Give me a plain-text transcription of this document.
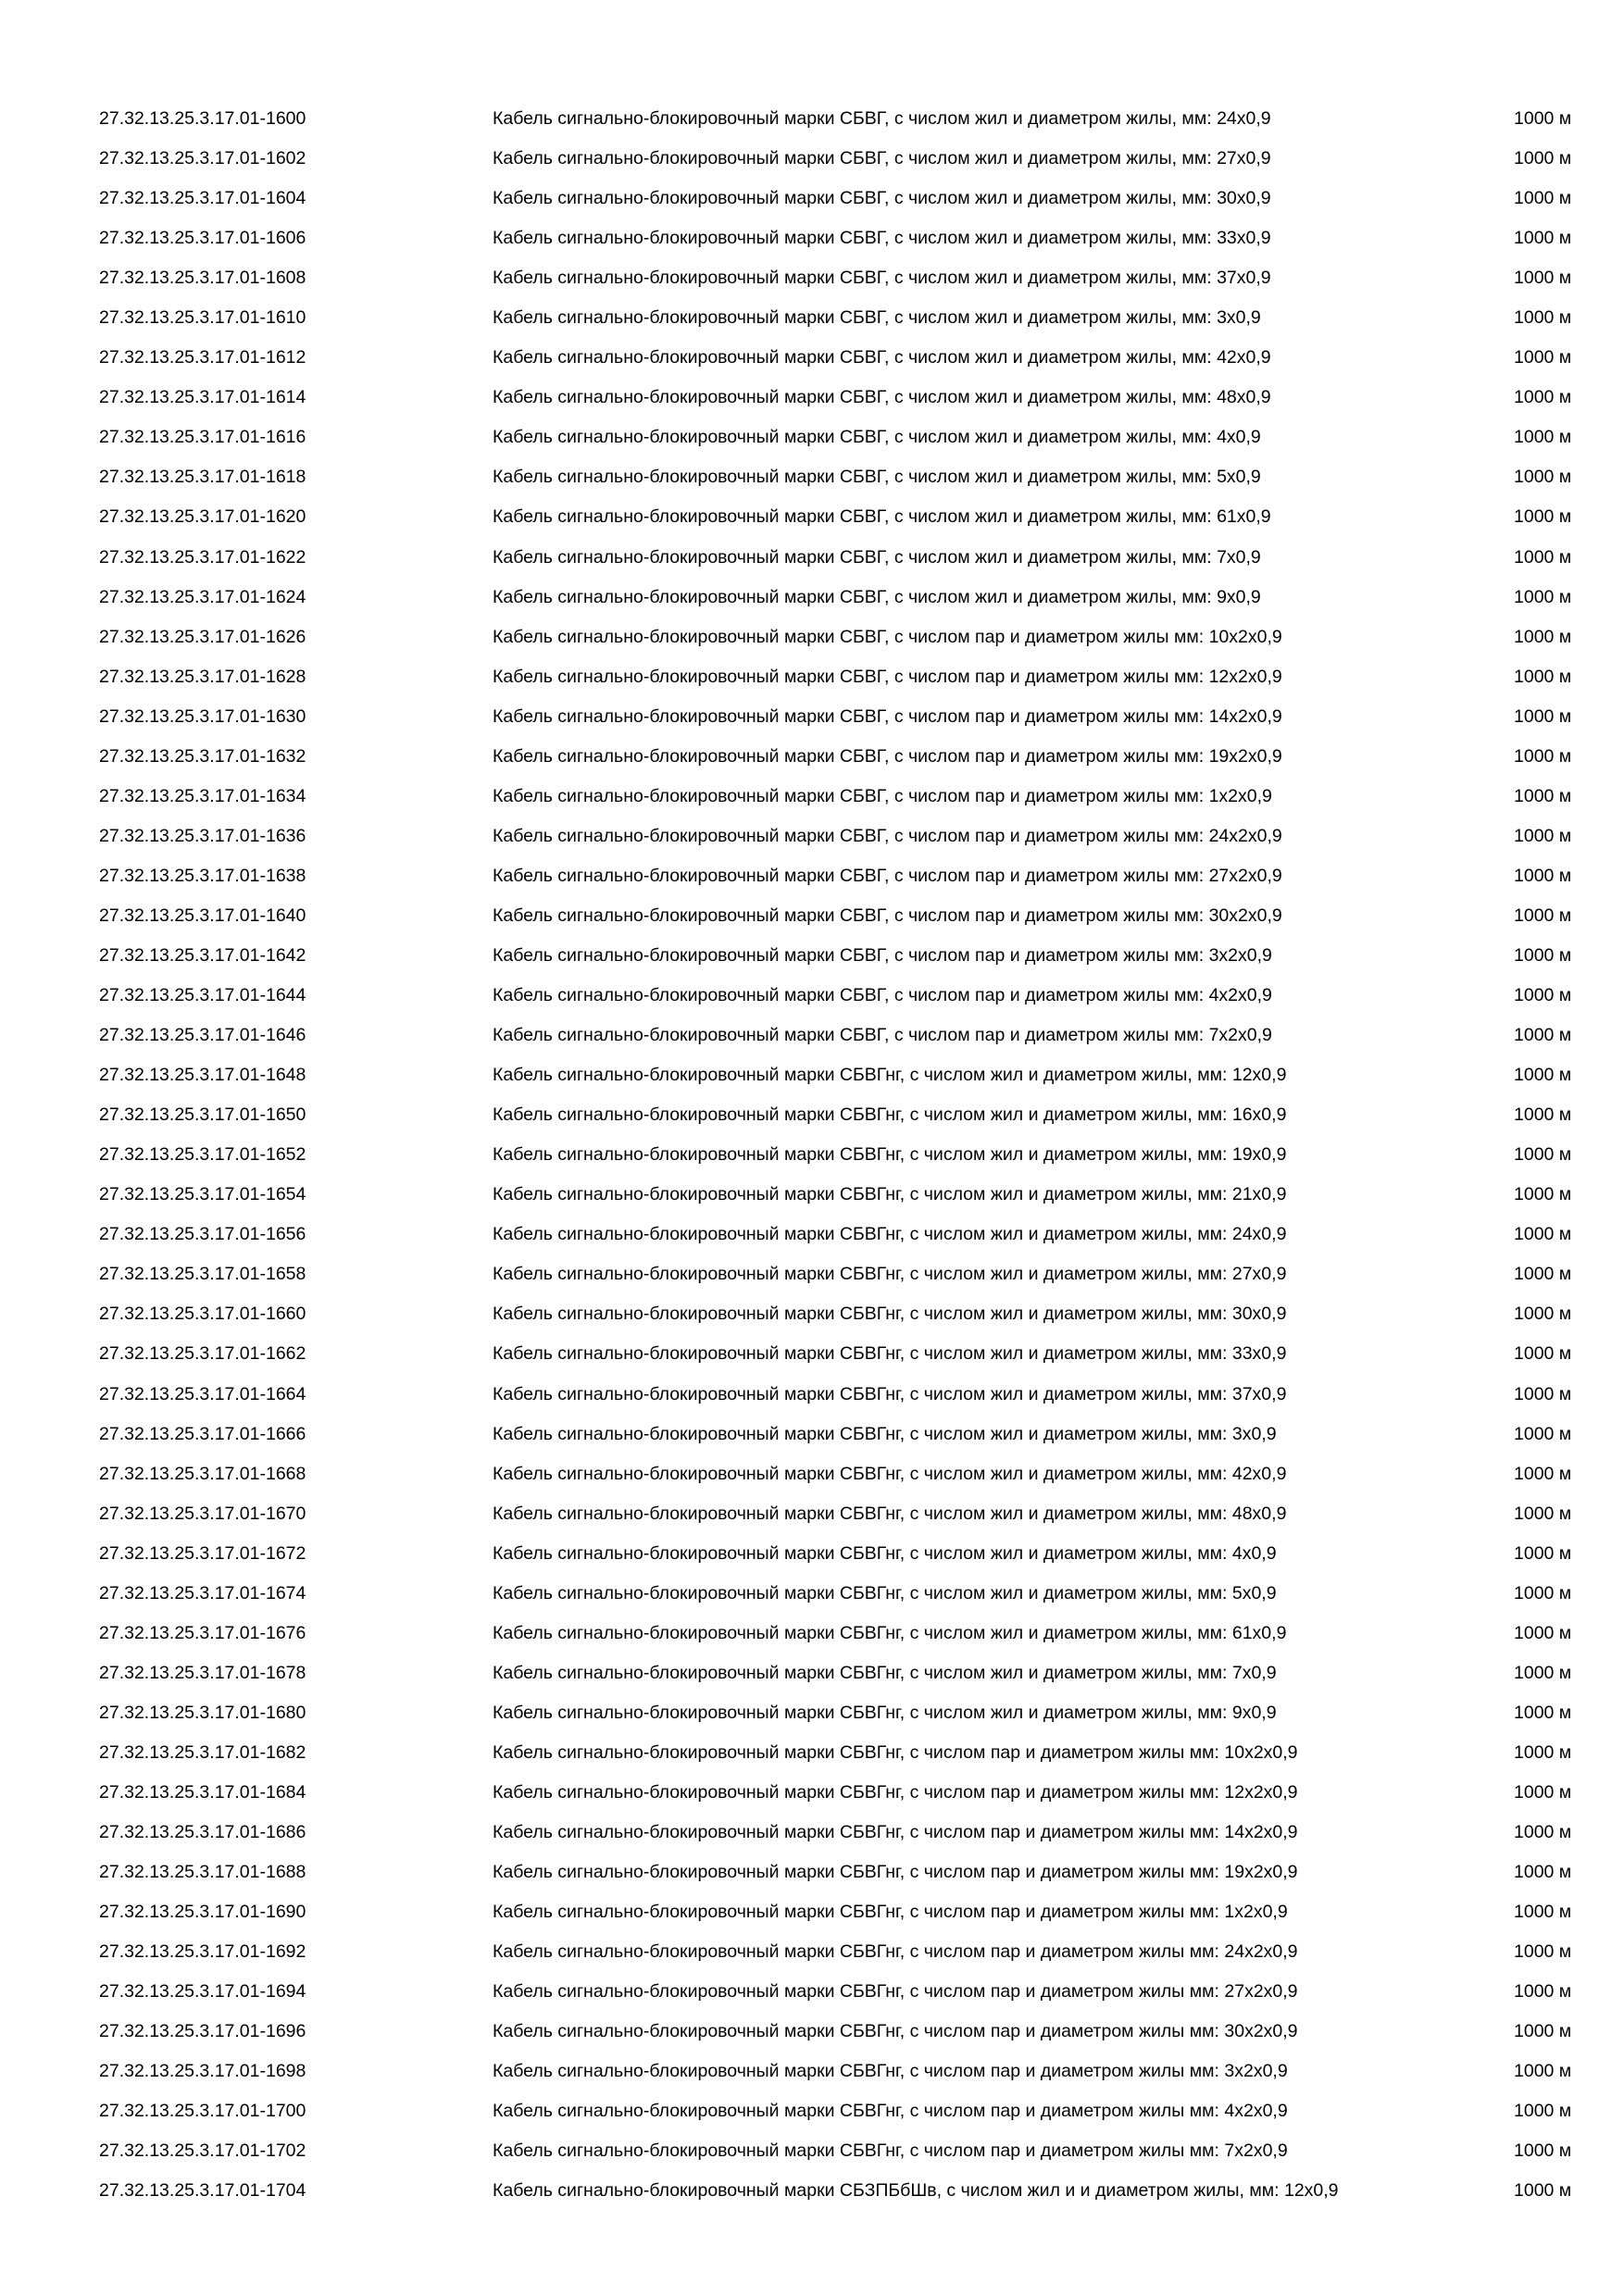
27.32.13.25.3.17.01-1600	Кабель сигнально-блокировочный марки СБВГ, с числом жил и диаметром жилы, мм: 24х0,9	1000 м
27.32.13.25.3.17.01-1602	Кабель сигнально-блокировочный марки СБВГ, с числом жил и диаметром жилы, мм: 27х0,9	1000 м
27.32.13.25.3.17.01-1604	Кабель сигнально-блокировочный марки СБВГ, с числом жил и диаметром жилы, мм: 30х0,9	1000 м
27.32.13.25.3.17.01-1606	Кабель сигнально-блокировочный марки СБВГ, с числом жил и диаметром жилы, мм: 33х0,9	1000 м
27.32.13.25.3.17.01-1608	Кабель сигнально-блокировочный марки СБВГ, с числом жил и диаметром жилы, мм: 37х0,9	1000 м
27.32.13.25.3.17.01-1610	Кабель сигнально-блокировочный марки СБВГ, с числом жил и диаметром жилы, мм: 3х0,9	1000 м
27.32.13.25.3.17.01-1612	Кабель сигнально-блокировочный марки СБВГ, с числом жил и диаметром жилы, мм: 42х0,9	1000 м
27.32.13.25.3.17.01-1614	Кабель сигнально-блокировочный марки СБВГ, с числом жил и диаметром жилы, мм: 48х0,9	1000 м
27.32.13.25.3.17.01-1616	Кабель сигнально-блокировочный марки СБВГ, с числом жил и диаметром жилы, мм: 4х0,9	1000 м
27.32.13.25.3.17.01-1618	Кабель сигнально-блокировочный марки СБВГ, с числом жил и диаметром жилы, мм: 5х0,9	1000 м
27.32.13.25.3.17.01-1620	Кабель сигнально-блокировочный марки СБВГ, с числом жил и диаметром жилы, мм: 61х0,9	1000 м
27.32.13.25.3.17.01-1622	Кабель сигнально-блокировочный марки СБВГ, с числом жил и диаметром жилы, мм: 7х0,9	1000 м
27.32.13.25.3.17.01-1624	Кабель сигнально-блокировочный марки СБВГ, с числом жил и диаметром жилы, мм: 9х0,9	1000 м
27.32.13.25.3.17.01-1626	Кабель сигнально-блокировочный марки СБВГ, с числом пар и диаметром жилы мм: 10х2х0,9	1000 м
27.32.13.25.3.17.01-1628	Кабель сигнально-блокировочный марки СБВГ, с числом пар и диаметром жилы мм: 12х2х0,9	1000 м
27.32.13.25.3.17.01-1630	Кабель сигнально-блокировочный марки СБВГ, с числом пар и диаметром жилы мм: 14х2х0,9	1000 м
27.32.13.25.3.17.01-1632	Кабель сигнально-блокировочный марки СБВГ, с числом пар и диаметром жилы мм: 19х2х0,9	1000 м
27.32.13.25.3.17.01-1634	Кабель сигнально-блокировочный марки СБВГ, с числом пар и диаметром жилы мм: 1х2х0,9	1000 м
27.32.13.25.3.17.01-1636	Кабель сигнально-блокировочный марки СБВГ, с числом пар и диаметром жилы мм: 24х2х0,9	1000 м
27.32.13.25.3.17.01-1638	Кабель сигнально-блокировочный марки СБВГ, с числом пар и диаметром жилы мм: 27х2х0,9	1000 м
27.32.13.25.3.17.01-1640	Кабель сигнально-блокировочный марки СБВГ, с числом пар и диаметром жилы мм: 30х2х0,9	1000 м
27.32.13.25.3.17.01-1642	Кабель сигнально-блокировочный марки СБВГ, с числом пар и диаметром жилы мм: 3х2х0,9	1000 м
27.32.13.25.3.17.01-1644	Кабель сигнально-блокировочный марки СБВГ, с числом пар и диаметром жилы мм: 4х2х0,9	1000 м
27.32.13.25.3.17.01-1646	Кабель сигнально-блокировочный марки СБВГ, с числом пар и диаметром жилы мм: 7х2х0,9	1000 м
27.32.13.25.3.17.01-1648	Кабель сигнально-блокировочный марки СБВГнг, с числом жил и диаметром жилы, мм: 12х0,9	1000 м
27.32.13.25.3.17.01-1650	Кабель сигнально-блокировочный марки СБВГнг, с числом жил и диаметром жилы, мм: 16х0,9	1000 м
27.32.13.25.3.17.01-1652	Кабель сигнально-блокировочный марки СБВГнг, с числом жил и диаметром жилы, мм: 19х0,9	1000 м
27.32.13.25.3.17.01-1654	Кабель сигнально-блокировочный марки СБВГнг, с числом жил и диаметром жилы, мм: 21х0,9	1000 м
27.32.13.25.3.17.01-1656	Кабель сигнально-блокировочный марки СБВГнг, с числом жил и диаметром жилы, мм: 24х0,9	1000 м
27.32.13.25.3.17.01-1658	Кабель сигнально-блокировочный марки СБВГнг, с числом жил и диаметром жилы, мм: 27х0,9	1000 м
27.32.13.25.3.17.01-1660	Кабель сигнально-блокировочный марки СБВГнг, с числом жил и диаметром жилы, мм: 30х0,9	1000 м
27.32.13.25.3.17.01-1662	Кабель сигнально-блокировочный марки СБВГнг, с числом жил и диаметром жилы, мм: 33х0,9	1000 м
27.32.13.25.3.17.01-1664	Кабель сигнально-блокировочный марки СБВГнг, с числом жил и диаметром жилы, мм: 37х0,9	1000 м
27.32.13.25.3.17.01-1666	Кабель сигнально-блокировочный марки СБВГнг, с числом жил и диаметром жилы, мм: 3х0,9	1000 м
27.32.13.25.3.17.01-1668	Кабель сигнально-блокировочный марки СБВГнг, с числом жил и диаметром жилы, мм: 42х0,9	1000 м
27.32.13.25.3.17.01-1670	Кабель сигнально-блокировочный марки СБВГнг, с числом жил и диаметром жилы, мм: 48х0,9	1000 м
27.32.13.25.3.17.01-1672	Кабель сигнально-блокировочный марки СБВГнг, с числом жил и диаметром жилы, мм: 4х0,9	1000 м
27.32.13.25.3.17.01-1674	Кабель сигнально-блокировочный марки СБВГнг, с числом жил и диаметром жилы, мм: 5х0,9	1000 м
27.32.13.25.3.17.01-1676	Кабель сигнально-блокировочный марки СБВГнг, с числом жил и диаметром жилы, мм: 61х0,9	1000 м
27.32.13.25.3.17.01-1678	Кабель сигнально-блокировочный марки СБВГнг, с числом жил и диаметром жилы, мм: 7х0,9	1000 м
27.32.13.25.3.17.01-1680	Кабель сигнально-блокировочный марки СБВГнг, с числом жил и диаметром жилы, мм: 9х0,9	1000 м
27.32.13.25.3.17.01-1682	Кабель сигнально-блокировочный марки СБВГнг, с числом пар и диаметром жилы мм: 10х2х0,9	1000 м
27.32.13.25.3.17.01-1684	Кабель сигнально-блокировочный марки СБВГнг, с числом пар и диаметром жилы мм: 12х2х0,9	1000 м
27.32.13.25.3.17.01-1686	Кабель сигнально-блокировочный марки СБВГнг, с числом пар и диаметром жилы мм: 14х2х0,9	1000 м
27.32.13.25.3.17.01-1688	Кабель сигнально-блокировочный марки СБВГнг, с числом пар и диаметром жилы мм: 19х2х0,9	1000 м
27.32.13.25.3.17.01-1690	Кабель сигнально-блокировочный марки СБВГнг, с числом пар и диаметром жилы мм: 1х2х0,9	1000 м
27.32.13.25.3.17.01-1692	Кабель сигнально-блокировочный марки СБВГнг, с числом пар и диаметром жилы мм: 24х2х0,9	1000 м
27.32.13.25.3.17.01-1694	Кабель сигнально-блокировочный марки СБВГнг, с числом пар и диаметром жилы мм: 27х2х0,9	1000 м
27.32.13.25.3.17.01-1696	Кабель сигнально-блокировочный марки СБВГнг, с числом пар и диаметром жилы мм: 30х2х0,9	1000 м
27.32.13.25.3.17.01-1698	Кабель сигнально-блокировочный марки СБВГнг, с числом пар и диаметром жилы мм: 3х2х0,9	1000 м
27.32.13.25.3.17.01-1700	Кабель сигнально-блокировочный марки СБВГнг, с числом пар и диаметром жилы мм: 4х2х0,9	1000 м
27.32.13.25.3.17.01-1702	Кабель сигнально-блокировочный марки СБВГнг, с числом пар и диаметром жилы мм: 7х2х0,9	1000 м
27.32.13.25.3.17.01-1704	Кабель сигнально-блокировочный марки СБЗПБбШв, с числом жил и и диаметром жилы, мм: 12х0,9	1000 м
